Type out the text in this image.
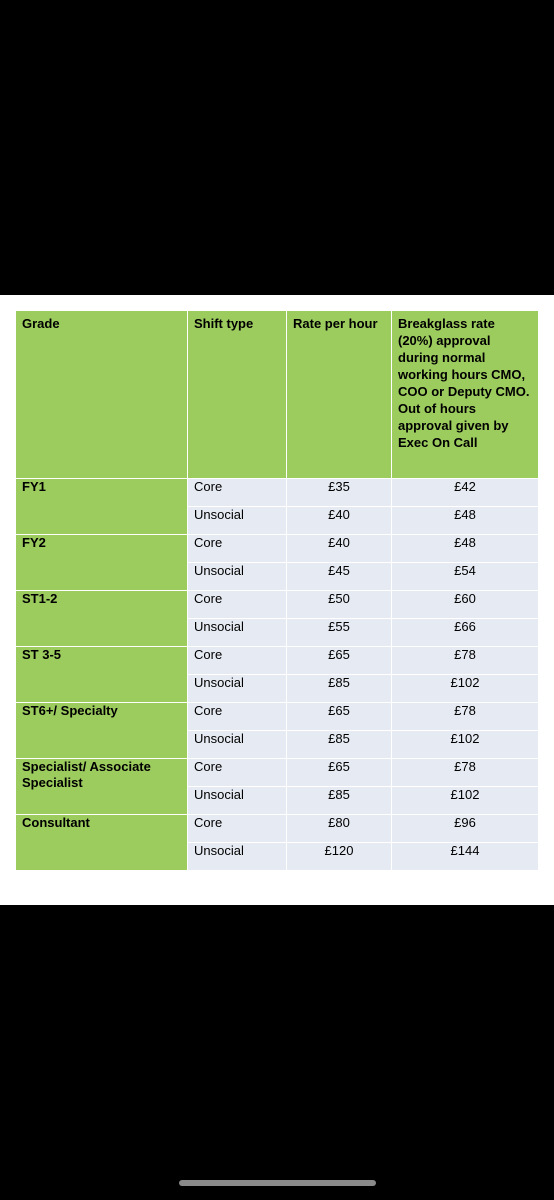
Grade	Shift type	Rate per hour	Breakglass rate (20%) approval during normal working hours CMO, COO or Deputy CMO. Out of hours approval given by Exec On Call
FY1	Core	£35	£42
	Unsocial	£40	£48
FY2	Core	£40	£48
	Unsocial	£45	£54
ST1-2	Core	£50	£60
	Unsocial	£55	£66
ST 3-5	Core	£65	£78
	Unsocial	£85	£102
ST6+/ Specialty	Core	£65	£78
	Unsocial	£85	£102
Specialist/ Associate Specialist	Core	£65	£78
	Unsocial	£85	£102
Consultant	Core	£80	£96
	Unsocial	£120	£144
